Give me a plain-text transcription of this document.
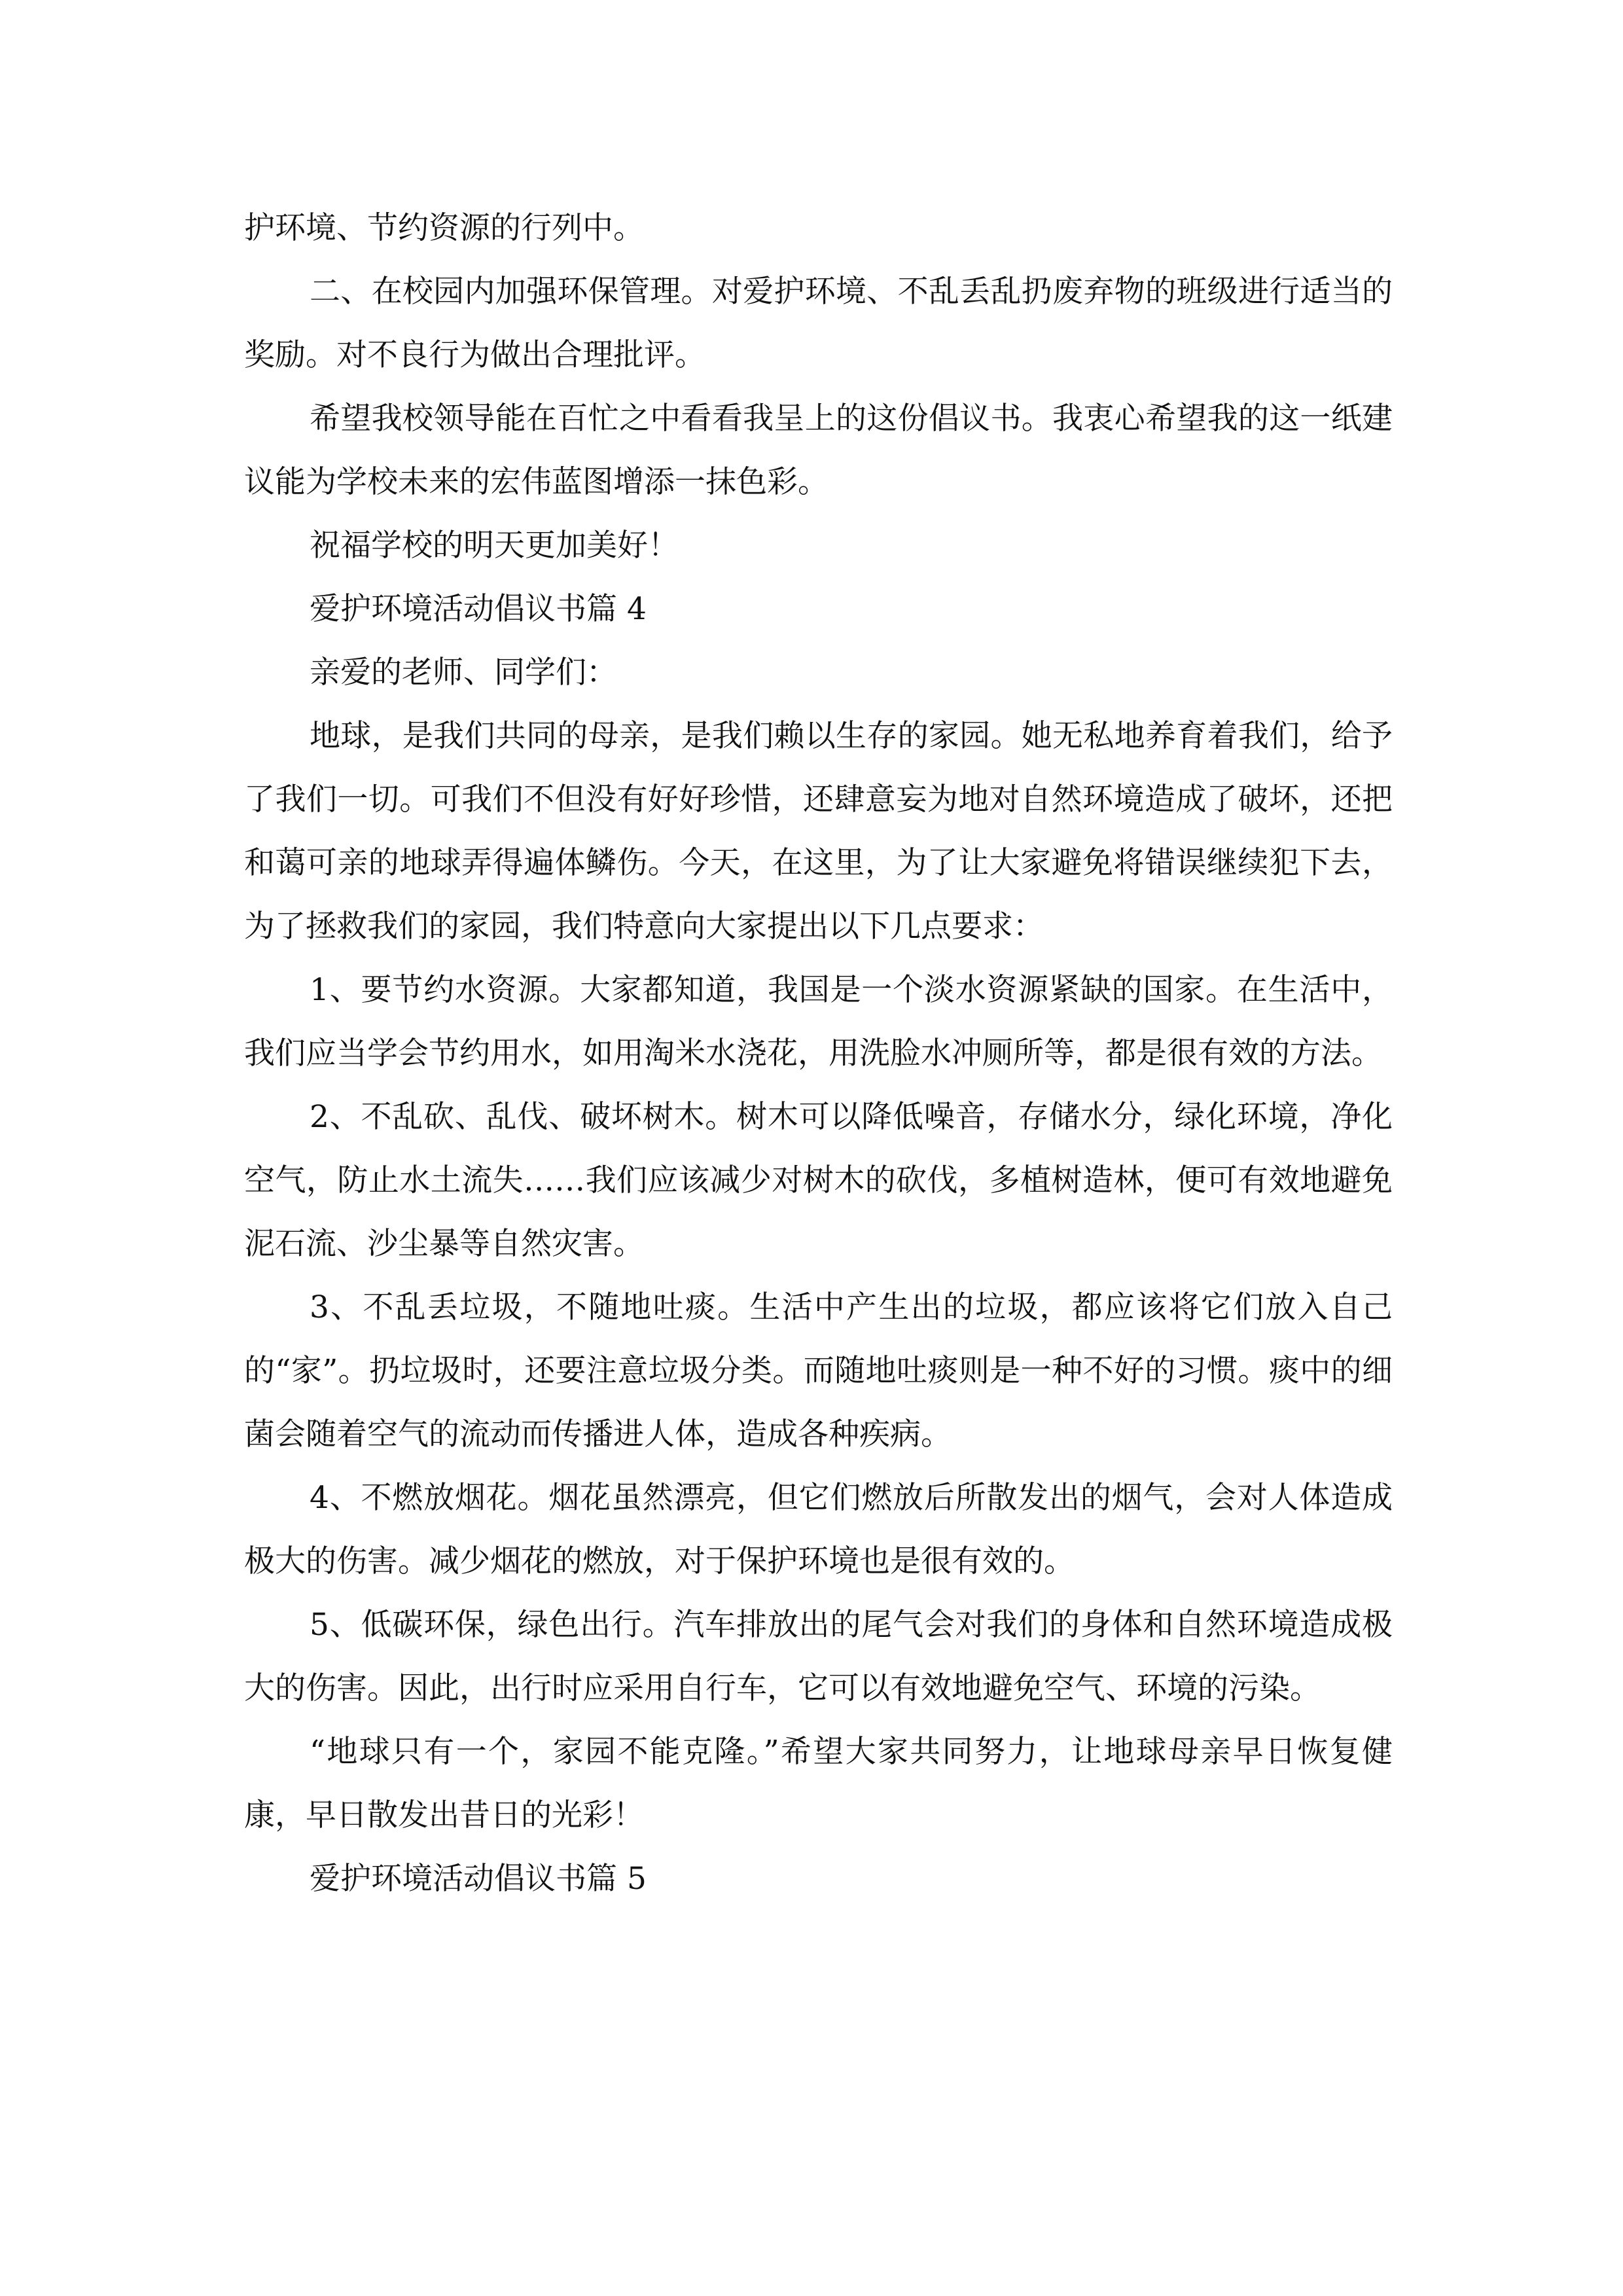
护环境、节约资源的行列中。

二、在校园内加强环保管理。对爱护环境、不乱丢乱扔废弃物的班级进行适当的奖励。对不良行为做出合理批评。

希望我校领导能在百忙之中看看我呈上的这份倡议书。我衷心希望我的这一纸建议能为学校未来的宏伟蓝图增添一抹色彩。

祝福学校的明天更加美好！

爱护环境活动倡议书篇 4

亲爱的老师、同学们：

地球，是我们共同的母亲，是我们赖以生存的家园。她无私地养育着我们，给予了我们一切。可我们不但没有好好珍惜，还肆意妄为地对自然环境造成了破坏，还把和蔼可亲的地球弄得遍体鳞伤。今天，在这里，为了让大家避免将错误继续犯下去，为了拯救我们的家园，我们特意向大家提出以下几点要求：

1、要节约水资源。大家都知道，我国是一个淡水资源紧缺的国家。在生活中，我们应当学会节约用水，如用淘米水浇花，用洗脸水冲厕所等，都是很有效的方法。

2、不乱砍、乱伐、破坏树木。树木可以降低噪音，存储水分，绿化环境，净化空气，防止水土流失……我们应该减少对树木的砍伐，多植树造林，便可有效地避免泥石流、沙尘暴等自然灾害。

3、不乱丢垃圾，不随地吐痰。生活中产生出的垃圾，都应该将它们放入自己的“家”。扔垃圾时，还要注意垃圾分类。而随地吐痰则是一种不好的习惯。痰中的细菌会随着空气的流动而传播进人体，造成各种疾病。

4、不燃放烟花。烟花虽然漂亮，但它们燃放后所散发出的烟气，会对人体造成极大的伤害。减少烟花的燃放，对于保护环境也是很有效的。

5、低碳环保，绿色出行。汽车排放出的尾气会对我们的身体和自然环境造成极大的伤害。因此，出行时应采用自行车，它可以有效地避免空气、环境的污染。

“地球只有一个，家园不能克隆。”希望大家共同努力，让地球母亲早日恢复健康，早日散发出昔日的光彩！

爱护环境活动倡议书篇 5
